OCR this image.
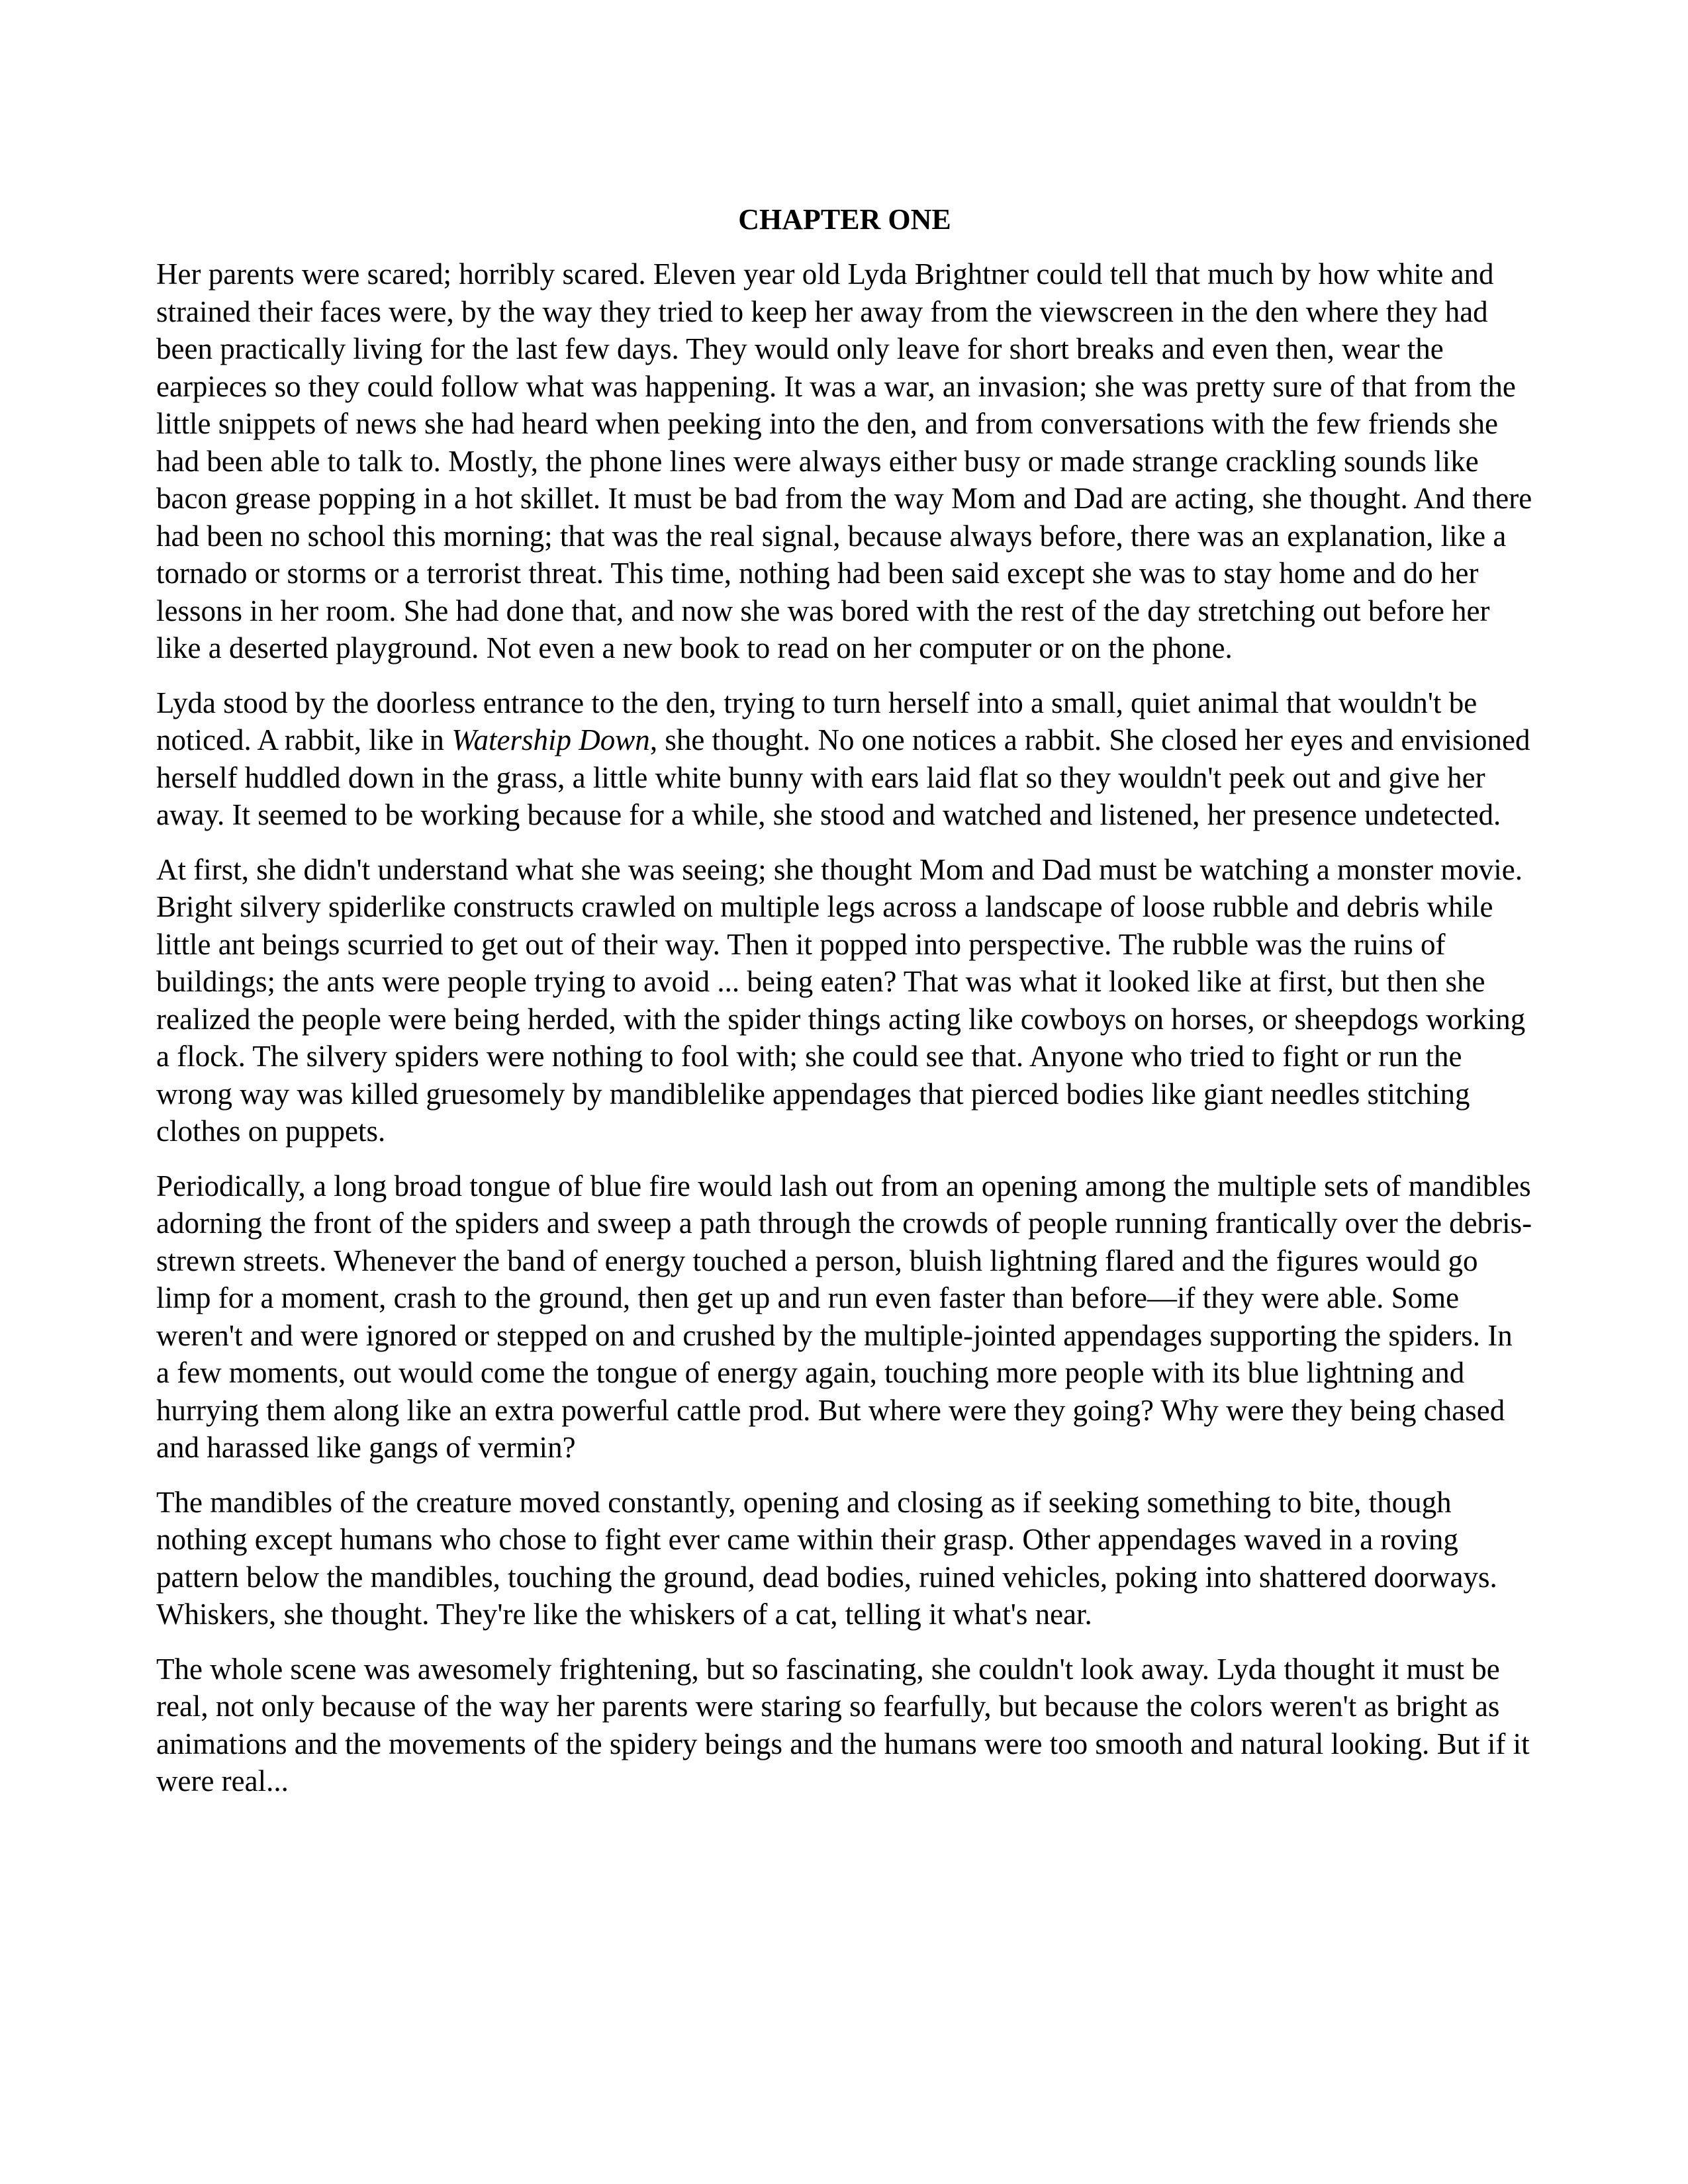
CHAPTER ONE

Her parents were scared; horribly scared. Eleven year old Lyda Brightner could tell that much by how white and strained their faces were, by the way they tried to keep her away from the viewscreen in the den where they had been practically living for the last few days. They would only leave for short breaks and even then, wear the earpieces so they could follow what was happening. It was a war, an invasion; she was pretty sure of that from the little snippets of news she had heard when peeking into the den, and from conversations with the few friends she had been able to talk to. Mostly, the phone lines were always either busy or made strange crackling sounds like bacon grease popping in a hot skillet. It must be bad from the way Mom and Dad are acting, she thought. And there had been no school this morning; that was the real signal, because always before, there was an explanation, like a tornado or storms or a terrorist threat. This time, nothing had been said except she was to stay home and do her lessons in her room. She had done that, and now she was bored with the rest of the day stretching out before her like a deserted playground. Not even a new book to read on her computer or on the phone.

Lyda stood by the doorless entrance to the den, trying to turn herself into a small, quiet animal that wouldn't be noticed. A rabbit, like in Watership Down, she thought. No one notices a rabbit. She closed her eyes and envisioned herself huddled down in the grass, a little white bunny with ears laid flat so they wouldn't peek out and give her away. It seemed to be working because for a while, she stood and watched and listened, her presence undetected.

At first, she didn't understand what she was seeing; she thought Mom and Dad must be watching a monster movie. Bright silvery spiderlike constructs crawled on multiple legs across a landscape of loose rubble and debris while little ant beings scurried to get out of their way. Then it popped into perspective. The rubble was the ruins of buildings; the ants were people trying to avoid ... being eaten? That was what it looked like at first, but then she realized the people were being herded, with the spider things acting like cowboys on horses, or sheepdogs working a flock. The silvery spiders were nothing to fool with; she could see that. Anyone who tried to fight or run the wrong way was killed gruesomely by mandiblelike appendages that pierced bodies like giant needles stitching clothes on puppets.

Periodically, a long broad tongue of blue fire would lash out from an opening among the multiple sets of mandibles adorning the front of the spiders and sweep a path through the crowds of people running frantically over the debris-strewn streets. Whenever the band of energy touched a person, bluish lightning flared and the figures would go limp for a moment, crash to the ground, then get up and run even faster than before—if they were able. Some weren't and were ignored or stepped on and crushed by the multiple-jointed appendages supporting the spiders. In a few moments, out would come the tongue of energy again, touching more people with its blue lightning and hurrying them along like an extra powerful cattle prod. But where were they going? Why were they being chased and harassed like gangs of vermin?

The mandibles of the creature moved constantly, opening and closing as if seeking something to bite, though nothing except humans who chose to fight ever came within their grasp. Other appendages waved in a roving pattern below the mandibles, touching the ground, dead bodies, ruined vehicles, poking into shattered doorways. Whiskers, she thought. They're like the whiskers of a cat, telling it what's near.

The whole scene was awesomely frightening, but so fascinating, she couldn't look away. Lyda thought it must be real, not only because of the way her parents were staring so fearfully, but because the colors weren't as bright as animations and the movements of the spidery beings and the humans were too smooth and natural looking. But if it were real...
